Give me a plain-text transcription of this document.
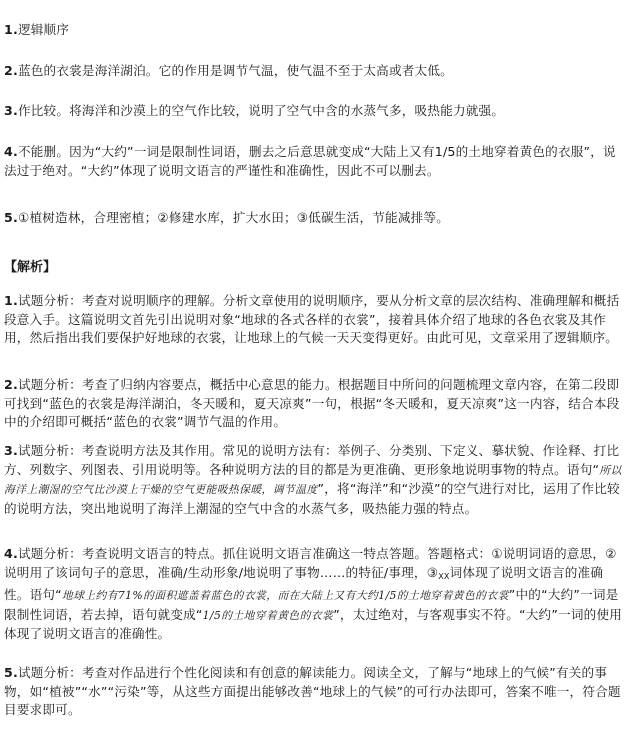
1.逻辑顺序
2.蓝色的衣裳是海洋湖泊。它的作用是调节气温，使气温不至于太高或者太低。
3.作比较。将海洋和沙漠上的空气作比较，说明了空气中含的水蒸气多，吸热能力就强。
4.不能删。因为“大约”一词是限制性词语，删去之后意思就变成“大陆上又有1/5的土地穿着黄色的衣服”，说法过于绝对。“大约”体现了说明文语言的严谨性和准确性，因此不可以删去。
5.①植树造林，合理密植；②修建水库，扩大水田；③低碳生活，节能减排等。
【解析】
1.试题分析：考查对说明顺序的理解。分析文章使用的说明顺序，要从分析文章的层次结构、准确理解和概括段意入手。这篇说明文首先引出说明对象“地球的各式各样的衣裳”，接着具体介绍了地球的各色衣裳及其作用，然后指出我们要保护好地球的衣裳，让地球上的气候一天天变得更好。由此可见，文章采用了逻辑顺序。
2.试题分析：考查了归纳内容要点，概括中心意思的能力。根据题目中所问的问题梳理文章内容，在第二段即可找到“蓝色的衣裳是海洋湖泊，冬天暖和，夏天凉爽”一句，根据“冬天暖和，夏天凉爽”这一内容，结合本段中的介绍即可概括“蓝色的衣裳”调节气温的作用。
3.试题分析：考查说明方法及其作用。常见的说明方法有：举例子、分类别、下定义、摹状貌、作诠释、打比方、列数字、列图表、引用说明等。各种说明方法的目的都是为更准确、更形象地说明事物的特点。语句“所以海洋上潮湿的空气比沙漠上干燥的空气更能吸热保暖，调节温度”，将“海洋”和“沙漠”的空气进行对比，运用了作比较的说明方法，突出地说明了海洋上潮湿的空气中含的水蒸气多，吸热能力强的特点。
4.试题分析：考查说明文语言的特点。抓住说明文语言准确这一特点答题。答题格式：①说明词语的意思，②说明用了该词句子的意思，准确/生动形象/地说明了事物……的特征/事理，$③_{XX}$词体现了说明文语言的准确性。语句“地球上约有71%的面积遮盖着蓝色的衣裳，而在大陆上又有大约1/5的土地穿着黄色的衣裳”中的“大约”一词是限制性词语，若去掉，语句就变成“1/5的土地穿着黄色的衣裳”，太过绝对，与客观事实不符。“大约”一词的使用体现了说明文语言的准确性。
5.试题分析：考查对作品进行个性化阅读和有创意的解读能力。阅读全文，了解与“地球上的气候”有关的事物，如“植被”“水”“污染”等，从这些方面提出能够改善“地球上的气候”的可行办法即可，答案不唯一，符合题目要求即可。
